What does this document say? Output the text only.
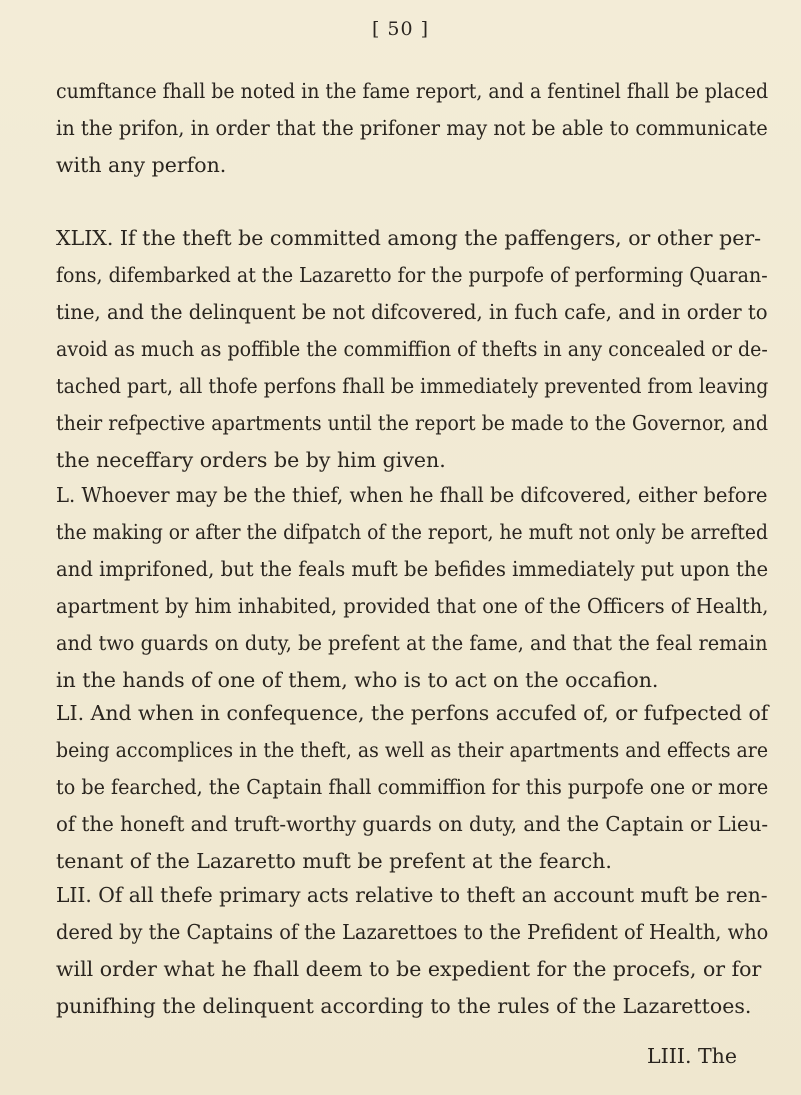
[ 50 ]
cumftance fhall be noted in the fame report, and a fentinel fhall be placed in the prifon, in order that the prifoner may not be able to communicate
with any perfon.
XLIX. If the theft be committed among the paffengers, or other per-
fons, difembarked at the Lazaretto for the purpofe of performing Quaran- tine, and the delinquent be not difcovered, in fuch cafe, and in order to avoid as much as poffible the commiffion of thefts in any concealed or de- tached part, all thofe perfons fhall be immediately prevented from leaving their refpective apartments until the report be made to the Governor, and
the neceffary orders be by him given.
L. Whoever may be the thief, when he fhall be difcovered, either before the making or after the difpatch of the report, he muft not only be arrefted and imprifoned, but the feals muft be befides immediately put upon the apartment by him inhabited, provided that one of the Officers of Health, and two guards on duty, be prefent at the fame, and that the feal remain
in the hands of one of them, who is to act on the occafion.
LI. And when in confequence, the perfons accufed of, or fufpected of being accomplices in the theft, as well as their apartments and effects are to be fearched, the Captain fhall commiffion for this purpofe one or more of the honeft and truft-worthy guards on duty, and the Captain or Lieu-
tenant of the Lazaretto muft be prefent at the fearch.
LII. Of all thefe primary acts relative to theft an account muft be ren- dered by the Captains of the Lazarettoes to the Prefident of Health, who
will order what he fhall deem to be expedient for the procefs, or for
punifhing the delinquent according to the rules of the Lazarettoes.
LIII. The
